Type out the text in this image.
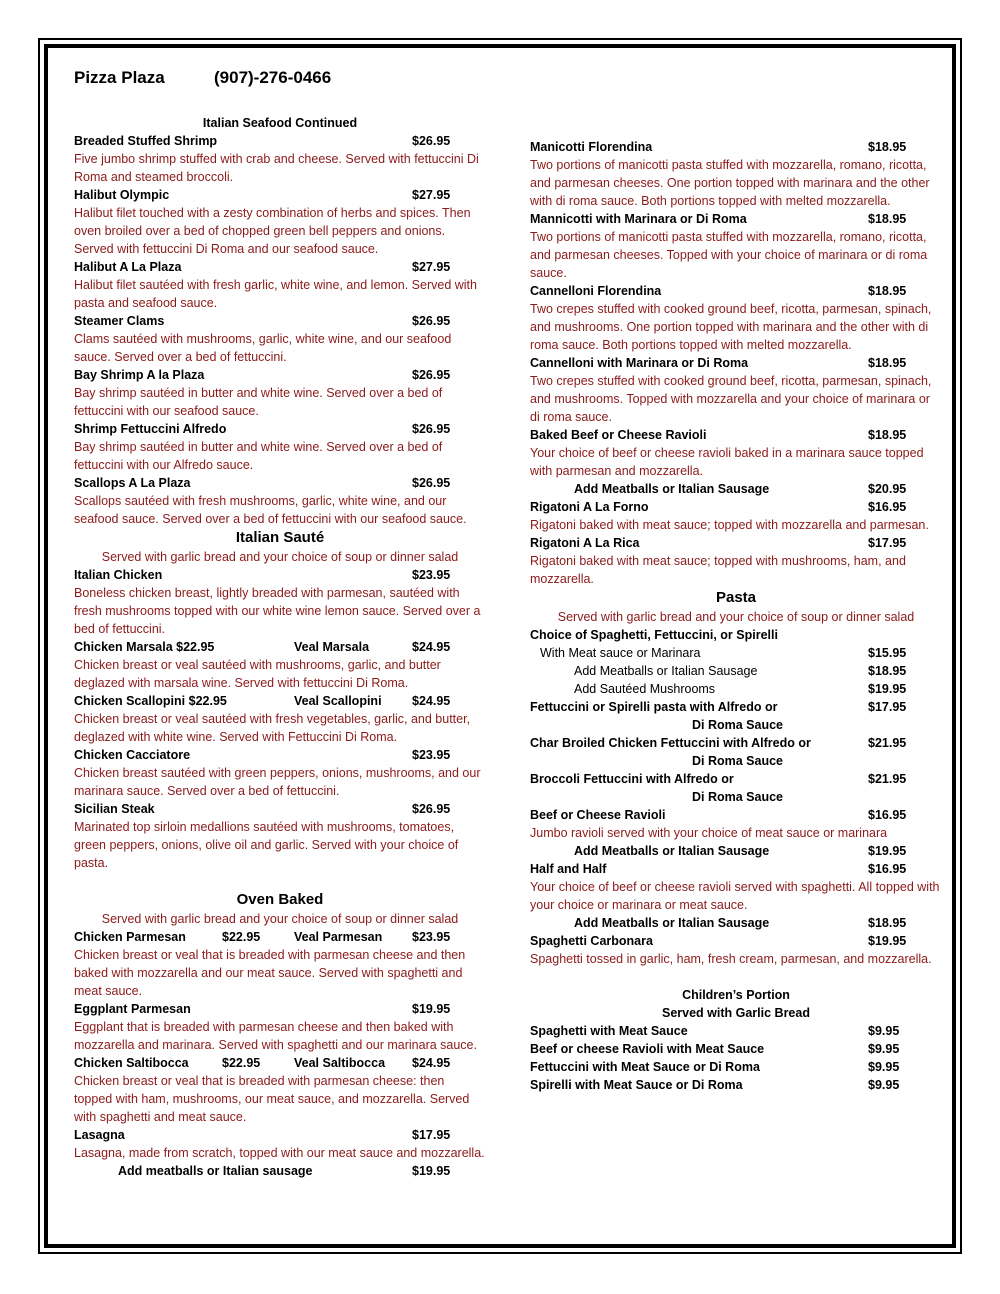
Pizza Plaza	(907)-276-0466
Italian Seafood Continued
Breaded Stuffed Shrimp	$26.95
Five jumbo shrimp stuffed with crab and cheese. Served with fettuccini Di Roma and steamed broccoli.
Halibut Olympic	$27.95
Halibut filet touched with a zesty combination of herbs and spices. Then oven broiled over a bed of chopped green bell peppers and onions. Served with fettuccini Di Roma and our seafood sauce.
Halibut A La Plaza	$27.95
Halibut filet sautéed with fresh garlic, white wine, and lemon. Served with pasta and seafood sauce.
Steamer Clams	$26.95
Clams sautéed with mushrooms, garlic, white wine, and our seafood sauce. Served over a bed of fettuccini.
Bay Shrimp A la Plaza	$26.95
Bay shrimp sautéed in butter and white wine. Served over a bed of fettuccini with our seafood sauce.
Shrimp Fettuccini Alfredo	$26.95
Bay shrimp sautéed in butter and white wine. Served over a bed of fettuccini with our Alfredo sauce.
Scallops A La Plaza	$26.95
Scallops sautéed with fresh mushrooms, garlic, white wine, and our seafood sauce. Served over a bed of fettuccini with our seafood sauce.
Italian Sauté
Served with garlic bread and your choice of soup or dinner salad
Italian Chicken	$23.95
Boneless chicken breast, lightly breaded with parmesan, sautéed with fresh mushrooms topped with our white wine lemon sauce. Served over a bed of fettuccini.
Chicken Marsala $22.95	Veal Marsala	$24.95
Chicken breast or veal sautéed with mushrooms, garlic, and butter deglazed with marsala wine. Served with fettuccini Di Roma.
Chicken Scallopini $22.95	Veal Scallopini $24.95
Chicken breast or veal sautéed with fresh vegetables, garlic, and butter, deglazed with white wine. Served with Fettuccini Di Roma.
Chicken Cacciatore	$23.95
Chicken breast sautéed with green peppers, onions, mushrooms, and our marinara sauce. Served over a bed of fettuccini.
Sicilian Steak	$26.95
Marinated top sirloin medallions sautéed with mushrooms, tomatoes, green peppers, onions, olive oil and garlic. Served with your choice of pasta.
Oven Baked
Served with garlic bread and your choice of soup or dinner salad
Chicken Parmesan	$22.95	Veal Parmesan $23.95
Chicken breast or veal that is breaded with parmesan cheese and then baked with mozzarella and our meat sauce. Served with spaghetti and meat sauce.
Eggplant Parmesan	$19.95
Eggplant that is breaded with parmesan cheese and then baked with mozzarella and marinara. Served with spaghetti and our marinara sauce.
Chicken Saltibocca	$22.95	Veal Saltibocca $24.95
Chicken breast or veal that is breaded with parmesan cheese: then topped with ham, mushrooms, our meat sauce, and mozzarella. Served with spaghetti and meat sauce.
Lasagna	$17.95
Lasagna, made from scratch, topped with our meat sauce and mozzarella.
Add meatballs or Italian sausage	$19.95
Manicotti Florendina	$18.95
Two portions of manicotti pasta stuffed with mozzarella, romano, ricotta, and parmesan cheeses. One portion topped with marinara and the other with di roma sauce. Both portions topped with melted mozzarella.
Mannicotti with Marinara or Di Roma	$18.95
Two portions of manicotti pasta stuffed with mozzarella, romano, ricotta, and parmesan cheeses. Topped with your choice of marinara or di roma sauce.
Cannelloni Florendina	$18.95
Two crepes stuffed with cooked ground beef, ricotta, parmesan, spinach, and mushrooms. One portion topped with marinara and the other with di roma sauce. Both portions topped with melted mozzarella.
Cannelloni with Marinara or Di Roma	$18.95
Two crepes stuffed with cooked ground beef, ricotta, parmesan, spinach, and mushrooms. Topped with mozzarella and your choice of marinara or di roma sauce.
Baked Beef or Cheese Ravioli	$18.95
Your choice of beef or cheese ravioli baked in a marinara sauce topped with parmesan and mozzarella.
Add Meatballs or Italian Sausage	$20.95
Rigatoni A La Forno	$16.95
Rigatoni baked with meat sauce; topped with mozzarella and parmesan.
Rigatoni A La Rica	$17.95
Rigatoni baked with meat sauce; topped with mushrooms, ham, and mozzarella.
Pasta
Served with garlic bread and your choice of soup or dinner salad
Choice of Spaghetti, Fettuccini, or Spirelli
With Meat sauce or Marinara	$15.95
Add Meatballs or Italian Sausage	$18.95
Add Sautéed Mushrooms	$19.95
Fettuccini or Spirelli pasta with Alfredo or	$17.95
Di Roma Sauce
Char Broiled Chicken Fettuccini with Alfredo or	$21.95
Di Roma Sauce
Broccoli Fettuccini with Alfredo or	$21.95
Di Roma Sauce
Beef or Cheese Ravioli	$16.95
Jumbo ravioli served with your choice of meat sauce or marinara
Add Meatballs or Italian Sausage	$19.95
Half and Half	$16.95
Your choice of beef or cheese ravioli served with spaghetti. All topped with your choice or marinara or meat sauce.
Add Meatballs or Italian Sausage	$18.95
Spaghetti Carbonara	$19.95
Spaghetti tossed in garlic, ham, fresh cream, parmesan, and mozzarella.
Children’s Portion
Served with Garlic Bread
Spaghetti with Meat Sauce	$9.95
Beef or cheese Ravioli with Meat Sauce	$9.95
Fettuccini with Meat Sauce or Di Roma	$9.95
Spirelli with Meat Sauce or Di Roma	$9.95
